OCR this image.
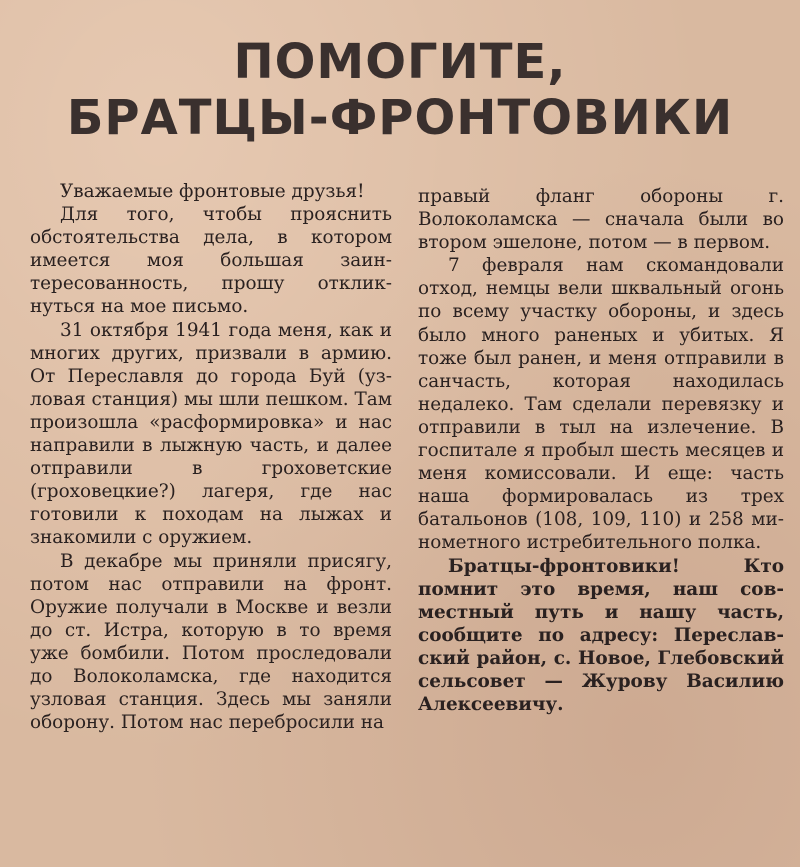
ПОМОГИТЕ,
БРАТЦЫ-ФРОНТОВИКИ

Уважаемые фронтовые друзья!

Для того, чтобы прояснить обстоятельства дела, в котором имеется моя большая заинтересованность, прошу откликнуться на мое письмо.

31 октября 1941 года меня, как и многих других, призвали в армию. От Переславля до города Буй (узловая станция) мы шли пешком. Там произошла «расформировка» и нас направили в лыжную часть, и далее отправили в гроховетские (гроховецкие?) лагеря, где нас готовили к походам на лыжах и знакомили с оружием.

В декабре мы приняли присягу, потом нас отправили на фронт. Оружие получали в Москве и везли до ст. Истра, которую в то время уже бомбили. Потом проследовали до Волоколамска, где находится узловая станция. Здесь мы заняли оборону. Потом нас перебросили на

правый фланг обороны г. Волоколамска — сначала были во втором эшелоне, потом — в первом.

7 февраля нам скомандовали отход, немцы вели шквальный огонь по всему участку обороны, и здесь было много раненых и убитых. Я тоже был ранен, и меня отправили в санчасть, которая находилась недалеко. Там сделали перевязку и отправили в тыл на излечение. В госпитале я пробыл шесть месяцев и меня комиссовали. И еще: часть наша формировалась из трех батальонов (108, 109, 110) и 258 минометного истребительного полка.

Братцы-фронтовики! Кто помнит это время, наш совместный путь и нашу часть, сообщите по адресу: Переславский район, с. Новое, Глебовский сельсовет — Журову Василию Алексеевичу.
